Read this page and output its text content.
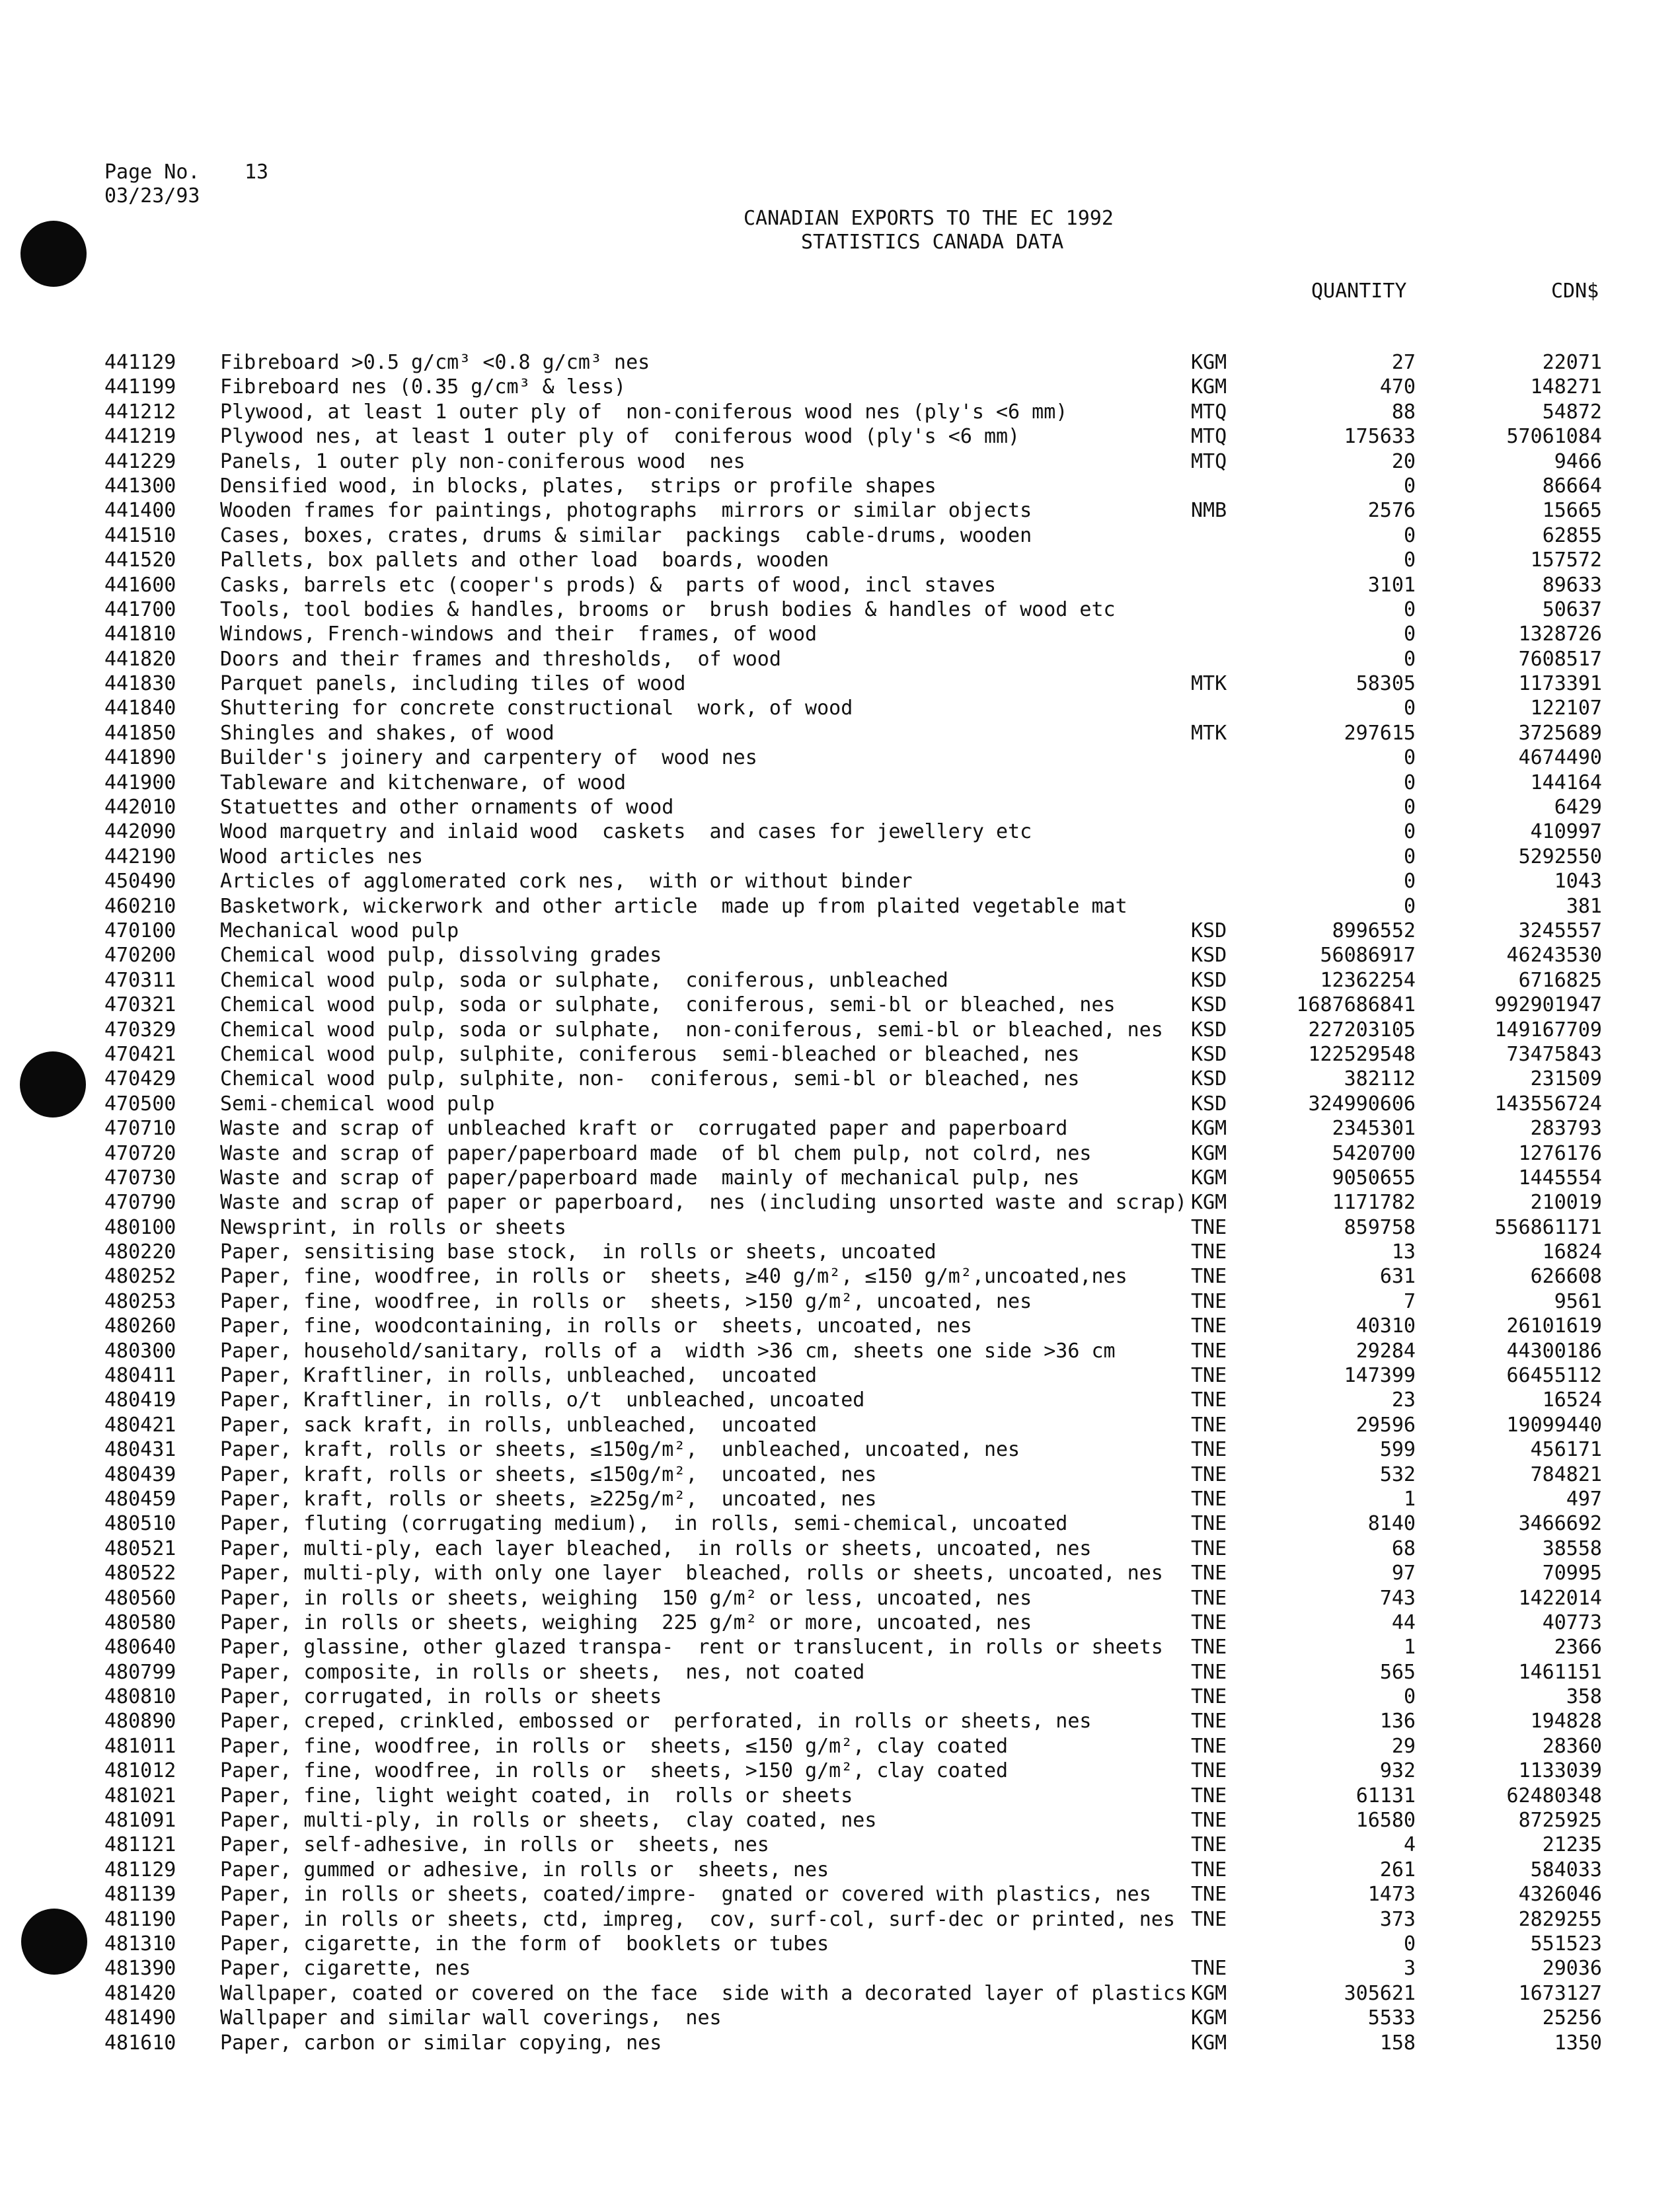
Page No. 13
03/23/93
CANADIAN EXPORTS TO THE EC 1992
STATISTICS CANADA DATA
QUANTITY	CDN$
441129 Fibreboard >0.5 g/cm³ <0.8 g/cm³ nes	KGM	27	22071
441199 Fibreboard nes (0.35 g/cm³ & less)	KGM	470	148271
441212 Plywood, at least 1 outer ply of  non-coniferous wood nes (ply's <6 mm)	MTQ	88	54872
441219 Plywood nes, at least 1 outer ply of  coniferous wood (ply's <6 mm)	MTQ	175633	57061084
441229 Panels, 1 outer ply non-coniferous wood  nes	MTQ	20	9466
441300 Densified wood, in blocks, plates,  strips or profile shapes	0	86664
441400 Wooden frames for paintings, photographs  mirrors or similar objects	NMB	2576	15665
441510 Cases, boxes, crates, drums & similar  packings  cable-drums, wooden	0	62855
441520 Pallets, box pallets and other load  boards, wooden	0	157572
441600 Casks, barrels etc (cooper's prods) &  parts of wood, incl staves	3101	89633
441700 Tools, tool bodies & handles, brooms or  brush bodies & handles of wood etc	0	50637
441810 Windows, French-windows and their  frames, of wood	0	1328726
441820 Doors and their frames and thresholds,  of wood	0	7608517
441830 Parquet panels, including tiles of wood	MTK	58305	1173391
441840 Shuttering for concrete constructional  work, of wood	0	122107
441850 Shingles and shakes, of wood	MTK	297615	3725689
441890 Builder's joinery and carpentery of  wood nes	0	4674490
441900 Tableware and kitchenware, of wood	0	144164
442010 Statuettes and other ornaments of wood	0	6429
442090 Wood marquetry and inlaid wood  caskets  and cases for jewellery etc	0	410997
442190 Wood articles nes	0	5292550
450490 Articles of agglomerated cork nes,  with or without binder	0	1043
460210 Basketwork, wickerwork and other article  made up from plaited vegetable mat	0	381
470100 Mechanical wood pulp	KSD	8996552	3245557
470200 Chemical wood pulp, dissolving grades	KSD	56086917	46243530
470311 Chemical wood pulp, soda or sulphate,  coniferous, unbleached	KSD	12362254	6716825
470321 Chemical wood pulp, soda or sulphate,  coniferous, semi-bl or bleached, nes	KSD	1687686841	992901947
470329 Chemical wood pulp, soda or sulphate,  non-coniferous, semi-bl or bleached, nes KSD	227203105	149167709
470421 Chemical wood pulp, sulphite, coniferous  semi-bleached or bleached, nes	KSD	122529548	73475843
470429 Chemical wood pulp, sulphite, non-  coniferous, semi-bl or bleached, nes	KSD	382112	231509
470500 Semi-chemical wood pulp	KSD	324990606	143556724
470710 Waste and scrap of unbleached kraft or  corrugated paper and paperboard	KGM	2345301	283793
470720 Waste and scrap of paper/paperboard made  of bl chem pulp, not colrd, nes	KGM	5420700	1276176
470730 Waste and scrap of paper/paperboard made  mainly of mechanical pulp, nes	KGM	9050655	1445554
470790 Waste and scrap of paper or paperboard,  nes (including unsorted waste and scrap) KGM	1171782	210019
480100 Newsprint, in rolls or sheets	TNE	859758	556861171
480220 Paper, sensitising base stock,  in rolls or sheets, uncoated	TNE	13	16824
480252 Paper, fine, woodfree, in rolls or  sheets, ≥40 g/m², ≤150 g/m²,uncoated,nes	TNE	631	626608
480253 Paper, fine, woodfree, in rolls or  sheets, >150 g/m², uncoated, nes	TNE	7	9561
480260 Paper, fine, woodcontaining, in rolls or  sheets, uncoated, nes	TNE	40310	26101619
480300 Paper, household/sanitary, rolls of a  width >36 cm, sheets one side >36 cm	TNE	29284	44300186
480411 Paper, Kraftliner, in rolls, unbleached,  uncoated	TNE	147399	66455112
480419 Paper, Kraftliner, in rolls, o/t  unbleached, uncoated	TNE	23	16524
480421 Paper, sack kraft, in rolls, unbleached,  uncoated	TNE	29596	19099440
480431 Paper, kraft, rolls or sheets, ≤150g/m²,  unbleached, uncoated, nes	TNE	599	456171
480439 Paper, kraft, rolls or sheets, ≤150g/m²,  uncoated, nes	TNE	532	784821
480459 Paper, kraft, rolls or sheets, ≥225g/m²,  uncoated, nes	TNE	1	497
480510 Paper, fluting (corrugating medium),  in rolls, semi-chemical, uncoated	TNE	8140	3466692
480521 Paper, multi-ply, each layer bleached,  in rolls or sheets, uncoated, nes	TNE	68	38558
480522 Paper, multi-ply, with only one layer  bleached, rolls or sheets, uncoated, nes TNE	97	70995
480560 Paper, in rolls or sheets, weighing  150 g/m² or less, uncoated, nes	TNE	743	1422014
480580 Paper, in rolls or sheets, weighing  225 g/m² or more, uncoated, nes	TNE	44	40773
480640 Paper, glassine, other glazed transpa-  rent or translucent, in rolls or sheets TNE	1	2366
480799 Paper, composite, in rolls or sheets,  nes, not coated	TNE	565	1461151
480810 Paper, corrugated, in rolls or sheets	TNE	0	358
480890 Paper, creped, crinkled, embossed or  perforated, in rolls or sheets, nes	TNE	136	194828
481011 Paper, fine, woodfree, in rolls or  sheets, ≤150 g/m², clay coated	TNE	29	28360
481012 Paper, fine, woodfree, in rolls or  sheets, >150 g/m², clay coated	TNE	932	1133039
481021 Paper, fine, light weight coated, in  rolls or sheets	TNE	61131	62480348
481091 Paper, multi-ply, in rolls or sheets,  clay coated, nes	TNE	16580	8725925
481121 Paper, self-adhesive, in rolls or  sheets, nes	TNE	4	21235
481129 Paper, gummed or adhesive, in rolls or  sheets, nes	TNE	261	584033
481139 Paper, in rolls or sheets, coated/impre-  gnated or covered with plastics, nes TNE	1473	4326046
481190 Paper, in rolls or sheets, ctd, impreg,  cov, surf-col, surf-dec or printed, nes TNE	373	2829255
481310 Paper, cigarette, in the form of  booklets or tubes	0	551523
481390 Paper, cigarette, nes	TNE	3	29036
481420 Wallpaper, coated or covered on the face  side with a decorated layer of plastics KGM	305621	1673127
481490 Wallpaper and similar wall coverings,  nes	KGM	5533	25256
481610 Paper, carbon or similar copying, nes	KGM	158	1350
